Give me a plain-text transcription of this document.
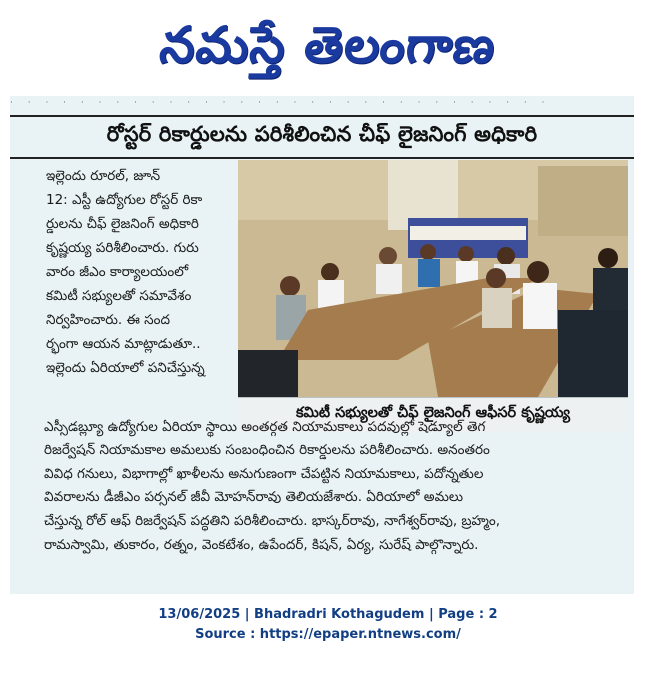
నమస్తే తెలంగాణ
· · · · · · · · · · · · · · · · · · · · · · · · · · · · · · ·
రోస్టర్ రికార్డులను పరిశీలించిన చీఫ్ లైజనింగ్ అధికారి
ఇల్లెందు రూరల్, జూన్
12: ఎస్టీ ఉద్యోగుల రోస్టర్ రికా
ర్డులను చీఫ్ లైజనింగ్ అధికారి
కృష్ణయ్య పరిశీలించారు. గురు
వారం జీఎం కార్యాలయంలో
కమిటీ సభ్యులతో సమావేశం
నిర్వహించారు. ఈ సంద
ర్భంగా ఆయన మాట్లాడుతూ..
ఇల్లెందు ఏరియాలో పనిచేస్తున్న
కమిటీ సభ్యులతో చీఫ్ లైజనింగ్ ఆఫీసర్ కృష్ణయ్య
ఎస్సీడబ్ల్యూ ఉద్యోగుల ఏరియా స్థాయి అంతర్గత నియామకాలు పదవుల్లో షెడ్యూల్ తెగ
రిజర్వేషన్ నియామకాల అమలుకు సంబంధించిన రికార్డులను పరిశీలించారు. అనంతరం
వివిధ గనులు, విభాగాల్లో ఖాళీలను అనుగుణంగా చేపట్టిన నియామకాలు, పదోన్నతుల
వివరాలను డీజీఎం పర్సనల్ జీవీ మోహన్‌రావు తెలియజేశారు. ఏరియాలో అమలు
చేస్తున్న రోల్ ఆఫ్ రిజర్వేషన్ పద్ధతిని పరిశీలించారు. భాస్కర్‌రావు, నాగేశ్వర్‌రావు, బ్రహ్మం,
రామస్వామి, తుకారం, రత్నం, వెంకటేశం, ఉపేందర్, కిషన్, ఏర్య, సురేష్ పాల్గొన్నారు.
13/06/2025 | Bhadradri Kothagudem | Page : 2
Source : https://epaper.ntnews.com/
